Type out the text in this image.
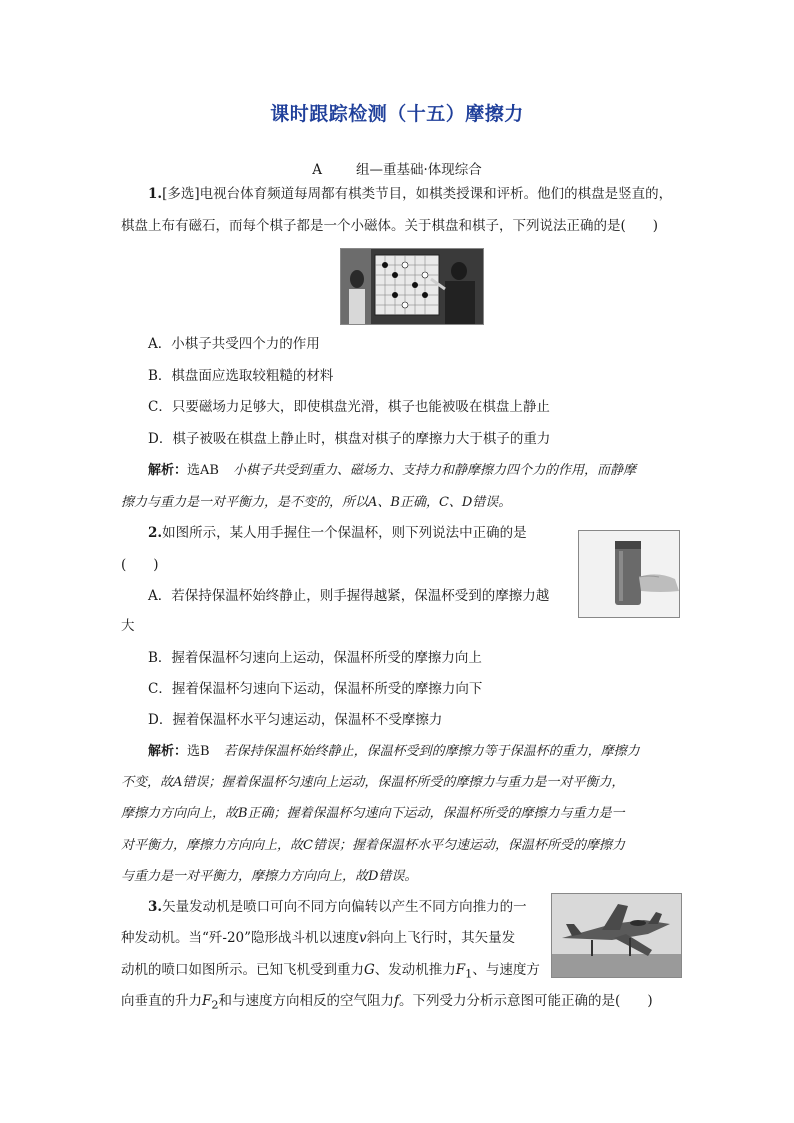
课时跟踪检测（十五）摩擦力
A	组—重基础·体现综合
1.[多选]电视台体育频道每周都有棋类节目，如棋类授课和评析。他们的棋盘是竖直的，
棋盘上布有磁石，而每个棋子都是一个小磁体。关于棋盘和棋子，下列说法正确的是(　　)
A．小棋子共受四个力的作用
B．棋盘面应选取较粗糙的材料
C．只要磁场力足够大，即使棋盘光滑，棋子也能被吸在棋盘上静止
D．棋子被吸在棋盘上静止时，棋盘对棋子的摩擦力大于棋子的重力
解析：选AB 小棋子共受到重力、磁场力、支持力和静摩擦力四个力的作用，而静摩
擦力与重力是一对平衡力，是不变的，所以A、B正确，C、D错误。
2.如图所示，某人用手握住一个保温杯，则下列说法中正确的是
(　　)
A．若保持保温杯始终静止，则手握得越紧，保温杯受到的摩擦力越
大
B．握着保温杯匀速向上运动，保温杯所受的摩擦力向上
C．握着保温杯匀速向下运动，保温杯所受的摩擦力向下
D．握着保温杯水平匀速运动，保温杯不受摩擦力
解析：选B 若保持保温杯始终静止，保温杯受到的摩擦力等于保温杯的重力，摩擦力
不变，故A错误；握着保温杯匀速向上运动，保温杯所受的摩擦力与重力是一对平衡力，
摩擦力方向向上，故B正确；握着保温杯匀速向下运动，保温杯所受的摩擦力与重力是一
对平衡力，摩擦力方向向上，故C错误；握着保温杯水平匀速运动，保温杯所受的摩擦力
与重力是一对平衡力，摩擦力方向向上，故D错误。
3.矢量发动机是喷口可向不同方向偏转以产生不同方向推力的一
种发动机。当“歼-20”隐形战斗机以速度v斜向上飞行时，其矢量发
动机的喷口如图所示。已知飞机受到重力G、发动机推力$F_1$、与速度方
向垂直的升力$F_2$和与速度方向相反的空气阻力f。下列受力分析示意图可能正确的是(　　)
